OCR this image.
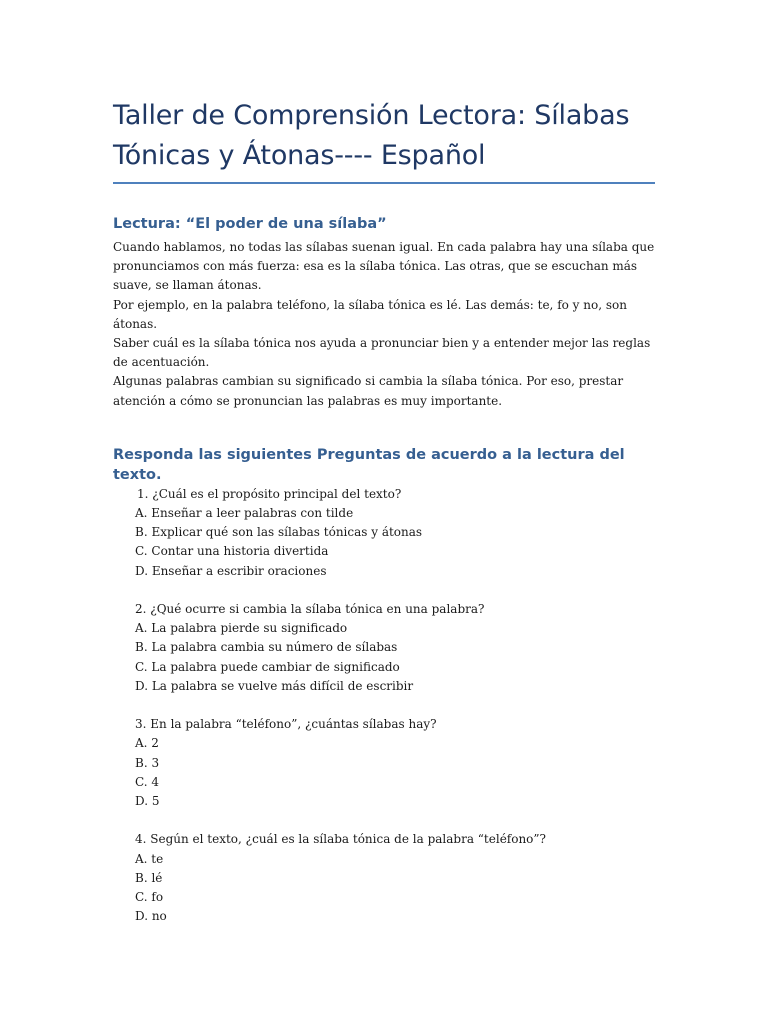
Taller de Comprensión Lectora: Sílabas
Tónicas y Átonas---- Español
Lectura: “El poder de una sílaba”

Cuando hablamos, no todas las sílabas suenan igual. En cada palabra hay una sílaba que pronunciamos con más fuerza: esa es la sílaba tónica. Las otras, que se escuchan más suave, se llaman átonas.

Por ejemplo, en la palabra teléfono, la sílaba tónica es lé. Las demás: te, fo y no, son átonas.

Saber cuál es la sílaba tónica nos ayuda a pronunciar bien y a entender mejor las reglas de acentuación.

Algunas palabras cambian su significado si cambia la sílaba tónica. Por eso, prestar atención a cómo se pronuncian las palabras es muy importante.

Responda las siguientes Preguntas de acuerdo a la lectura del texto.
1. ¿Cuál es el propósito principal del texto?
A. Enseñar a leer palabras con tilde
B. Explicar qué son las sílabas tónicas y átonas
C. Contar una historia divertida
D. Enseñar a escribir oraciones
2. ¿Qué ocurre si cambia la sílaba tónica en una palabra?
A. La palabra pierde su significado
B. La palabra cambia su número de sílabas
C. La palabra puede cambiar de significado
D. La palabra se vuelve más difícil de escribir
3. En la palabra “teléfono”, ¿cuántas sílabas hay?
A. 2
B. 3
C. 4
D. 5
4. Según el texto, ¿cuál es la sílaba tónica de la palabra “teléfono”?
A. te
B. lé
C. fo
D. no
